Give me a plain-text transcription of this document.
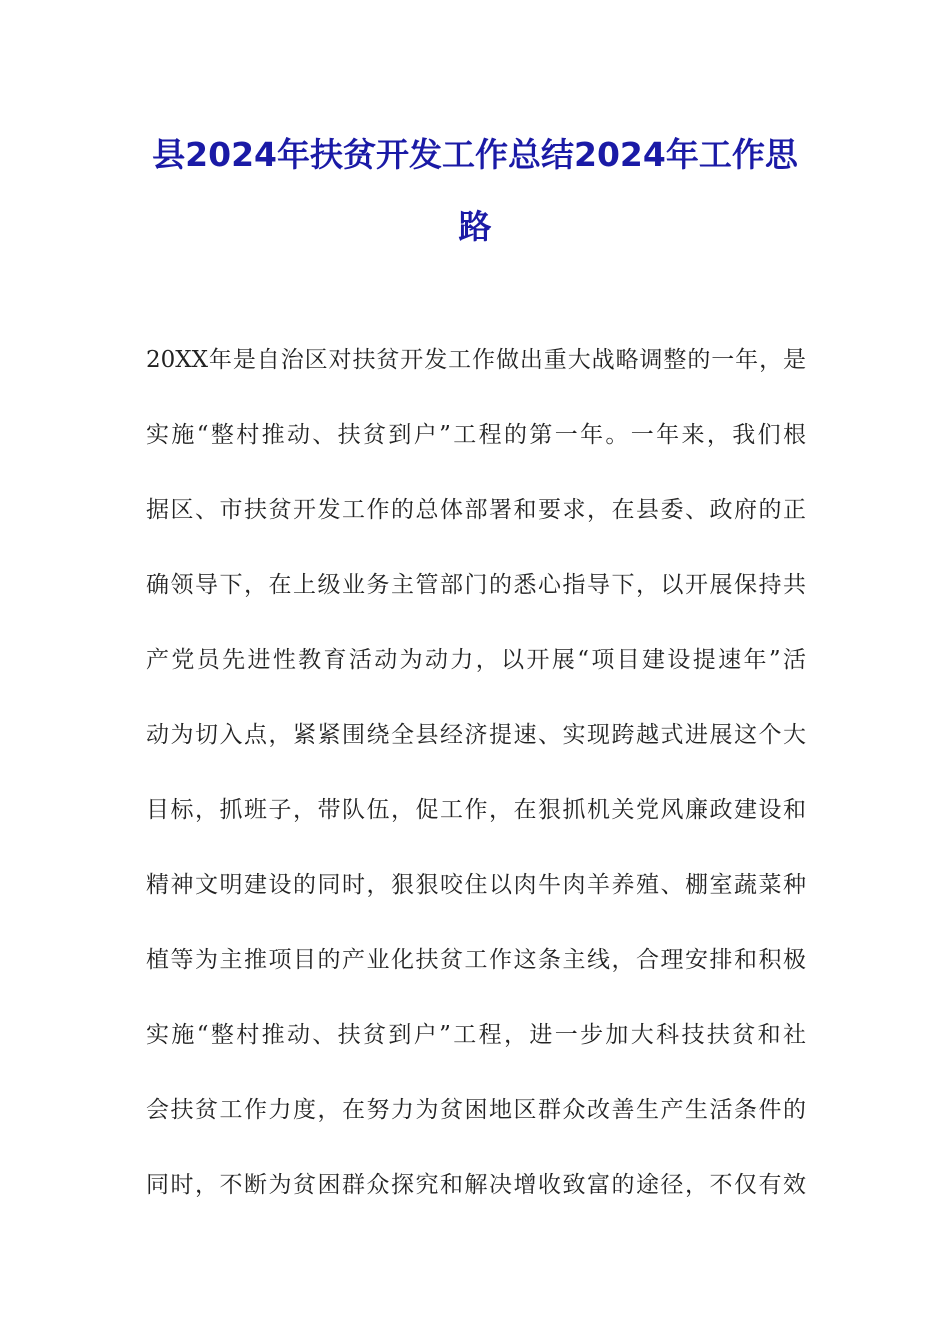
县2024年扶贫开发工作总结2024年工作思
路
20XX年是自治区对扶贫开发工作做出重大战略调整的一年，是
实施“整村推动、扶贫到户”工程的第一年。一年来，我们根
据区、市扶贫开发工作的总体部署和要求，在县委、政府的正
确领导下，在上级业务主管部门的悉心指导下，以开展保持共
产党员先进性教育活动为动力，以开展“项目建设提速年”活
动为切入点，紧紧围绕全县经济提速、实现跨越式进展这个大
目标，抓班子，带队伍，促工作，在狠抓机关党风廉政建设和
精神文明建设的同时，狠狠咬住以肉牛肉羊养殖、棚室蔬菜种
植等为主推项目的产业化扶贫工作这条主线，合理安排和积极
实施“整村推动、扶贫到户”工程，进一步加大科技扶贫和社
会扶贫工作力度，在努力为贫困地区群众改善生产生活条件的
同时，不断为贫困群众探究和解决增收致富的途径，不仅有效
